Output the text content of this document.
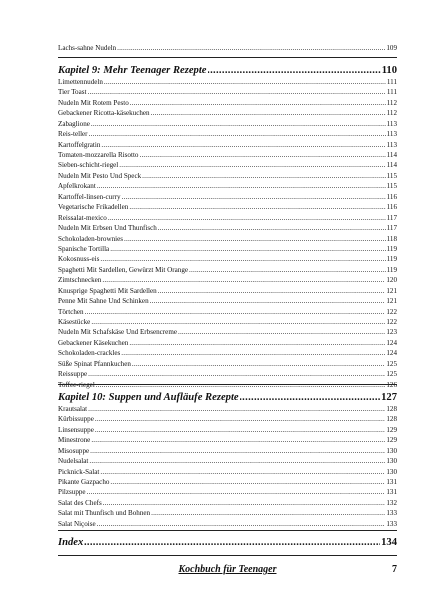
Lachs-sahne Nudeln .....	109
Kapitel 9: Mehr Teenager Rezepte .....	110
Limettennudeln .....	111
Tier Toast .....	111
Nudeln Mit Rotem Pesto .....	112
Gebackener Ricotta-käsekuchen .....	112
Zabaglione .....	113
Reis-teller .....	113
Kartoffelgratin .....	113
Tomaten-mozzarella Risotto .....	114
Sieben-schicht-riegel .....	114
Nudeln Mit Pesto Und Speck .....	115
Apfelkrokant .....	115
Kartoffel-linsen-curry .....	116
Vegetarische Frikadellen .....	116
Reissalat-mexico .....	117
Nudeln Mit Erbsen Und Thunfisch .....	117
Schokoladen-brownies .....	118
Spanische Tortilla .....	119
Kokosnuss-eis .....	119
Spaghetti Mit Sardellen, Gewürzt Mit Orange .....	119
Zimtschnecken .....	120
Knusprige Spaghetti Mit Sardellen .....	121
Penne Mit Sahne Und Schinken .....	121
Törtchen .....	122
Käsestücke .....	122
Nudeln Mit Schafskäse Und Erbsencreme .....	123
Gebackener Käsekuchen .....	124
Schokoladen-crackles .....	124
Süße Spinat Pfannkuchen .....	125
Reissuppe .....	125
Toffee-riegel .....	126
Kapitel 10: Suppen und Aufläufe Rezepte .....	127
Krautsalat .....	128
Kürbissuppe .....	128
Linsensuppe .....	129
Minestrone .....	129
Misosuppe .....	130
Nudelsalat .....	130
Picknick-Salat .....	130
Pikante Gazpacho .....	131
Pilzsuppe .....	131
Salat des Chefs .....	132
Salat mit Thunfisch und Bohnen .....	133
Salat Niçoise .....	133
Index .....	134
Kochbuch für Teenager	7
